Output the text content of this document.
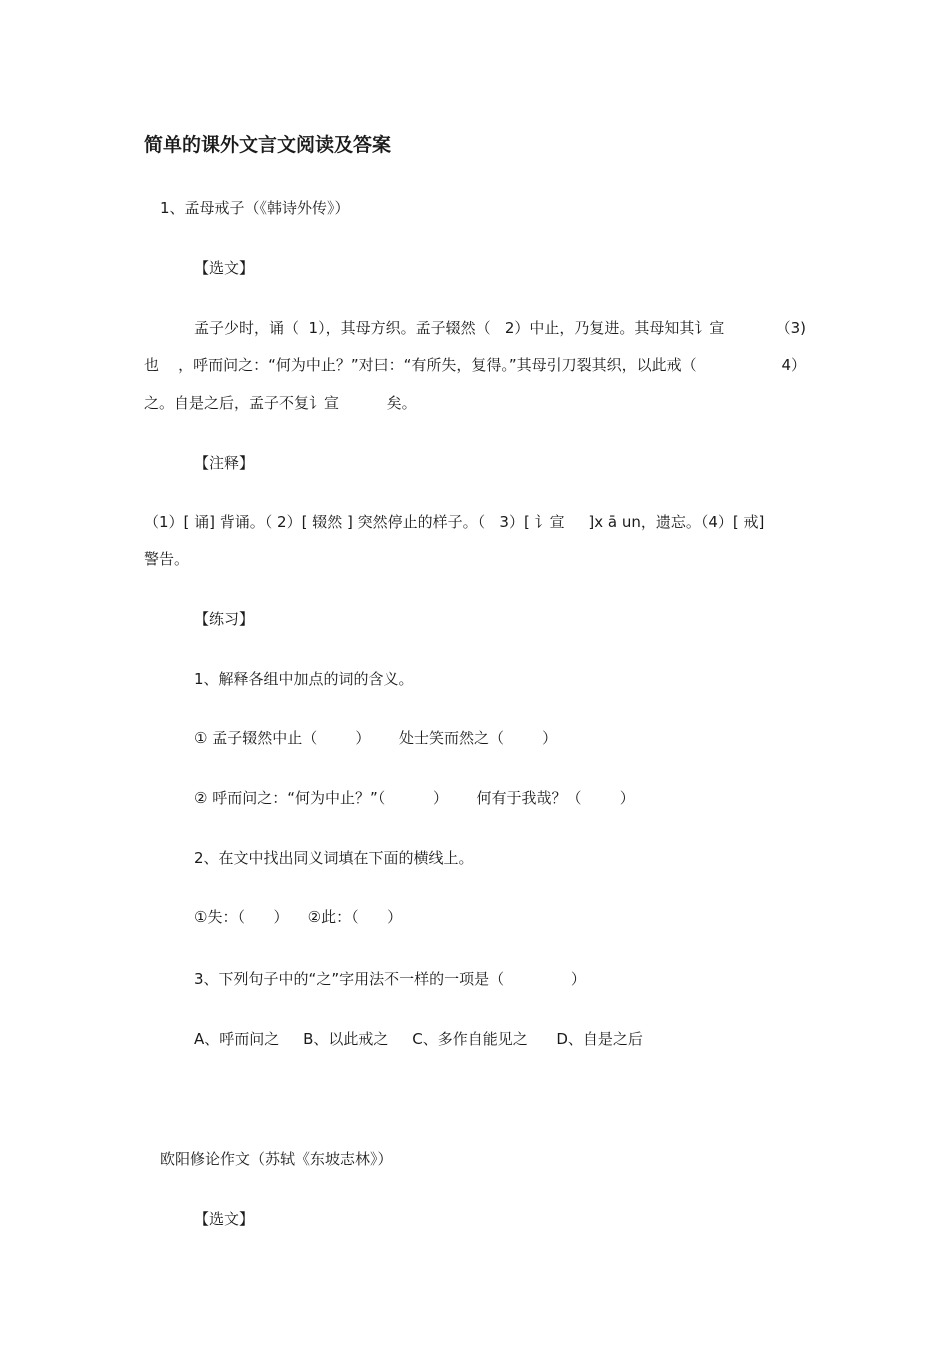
简单的课外文言文阅读及答案

1、孟母戒子（《韩诗外传》）

【选文】

孟子少时，诵（  1），其母方织。孟子辍然（   2）中止，乃复进。其母知其讠宣	（3)

也    ，呼而问之：“何为中止？”对曰：“有所失，复得。”其母引刀裂其织，以此戒（	4）

之。自是之后，孟子不复讠宣          矣。

【注释】

（1）[ 诵] 背诵。（ 2）[ 辍然 ] 突然停止的样子。（   3）[ 讠宣     ]x ā un，遗忘。（4）[ 戒]

警告。

【练习】

1、解释各组中加点的词的含义。

① 孟子辍然中止（        ）      处士笑而然之（        ）

② 呼而问之：“何为中止？”（          ）      何有于我哉？（        ）

2、在文中找出同义词填在下面的横线上。

①失：（      ）    ②此：（      ）

3、下列句子中的“之”字用法不一样的一项是（              ）

A、呼而问之     B、以此戒之     C、多作自能见之      D、自是之后

欧阳修论作文（苏轼《东坡志林》）

【选文】
